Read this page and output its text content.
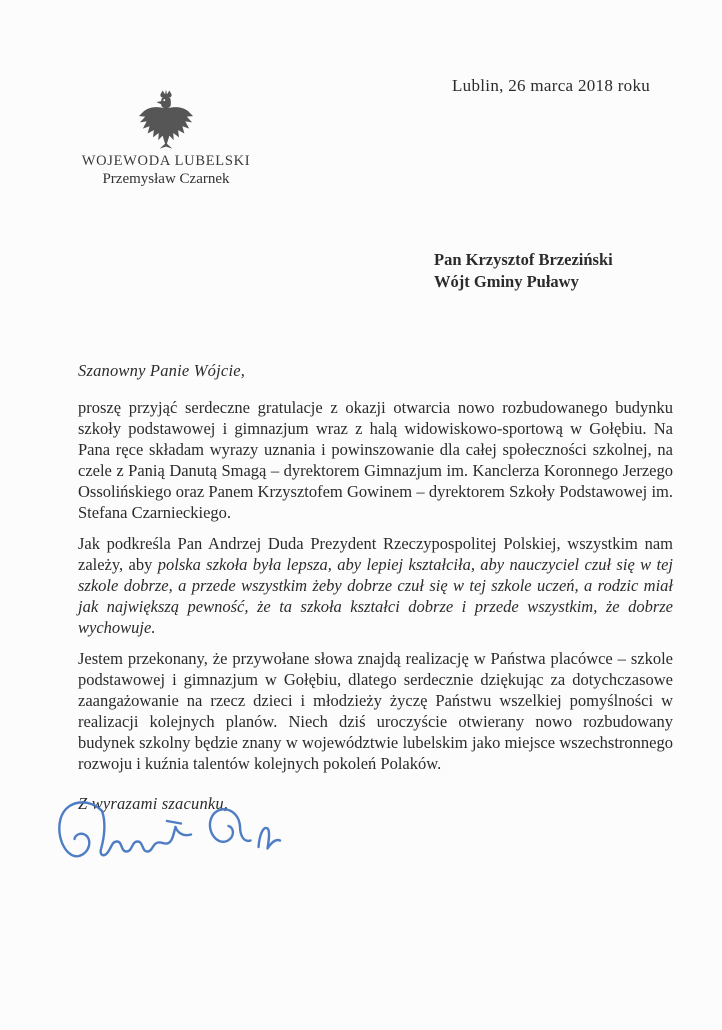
Lublin, 26 marca 2018 roku
WOJEWODA LUBELSKI
Przemysław Czarnek
Pan Krzysztof Brzeziński
Wójt Gminy Puławy
Szanowny Panie Wójcie,

proszę przyjąć serdeczne gratulacje z okazji otwarcia nowo rozbudowanego budynku szkoły podstawowej i gimnazjum wraz z halą widowiskowo-sportową w Gołębiu. Na Pana ręce składam wyrazy uznania i powinszowanie dla całej społeczności szkolnej, na czele z Panią Danutą Smagą – dyrektorem Gimnazjum im. Kanclerza Koronnego Jerzego Ossolińskiego oraz Panem Krzysztofem Gowinem – dyrektorem Szkoły Podstawowej im. Stefana Czarnieckiego.

Jak podkreśla Pan Andrzej Duda Prezydent Rzeczypospolitej Polskiej, wszystkim nam zależy, aby polska szkoła była lepsza, aby lepiej kształciła, aby nauczyciel czuł się w tej szkole dobrze, a przede wszystkim żeby dobrze czuł się w tej szkole uczeń, a rodzic miał jak największą pewność, że ta szkoła kształci dobrze i przede wszystkim, że dobrze wychowuje.

Jestem przekonany, że przywołane słowa znajdą realizację w Państwa placówce – szkole podstawowej i gimnazjum w Gołębiu, dlatego serdecznie dziękując za dotychczasowe zaangażowanie na rzecz dzieci i młodzieży życzę Państwu wszelkiej pomyślności w realizacji kolejnych planów. Niech dziś uroczyście otwierany nowo rozbudowany budynek szkolny będzie znany w województwie lubelskim jako miejsce wszechstronnego rozwoju i kuźnia talentów kolejnych pokoleń Polaków.

Z wyrazami szacunku,
